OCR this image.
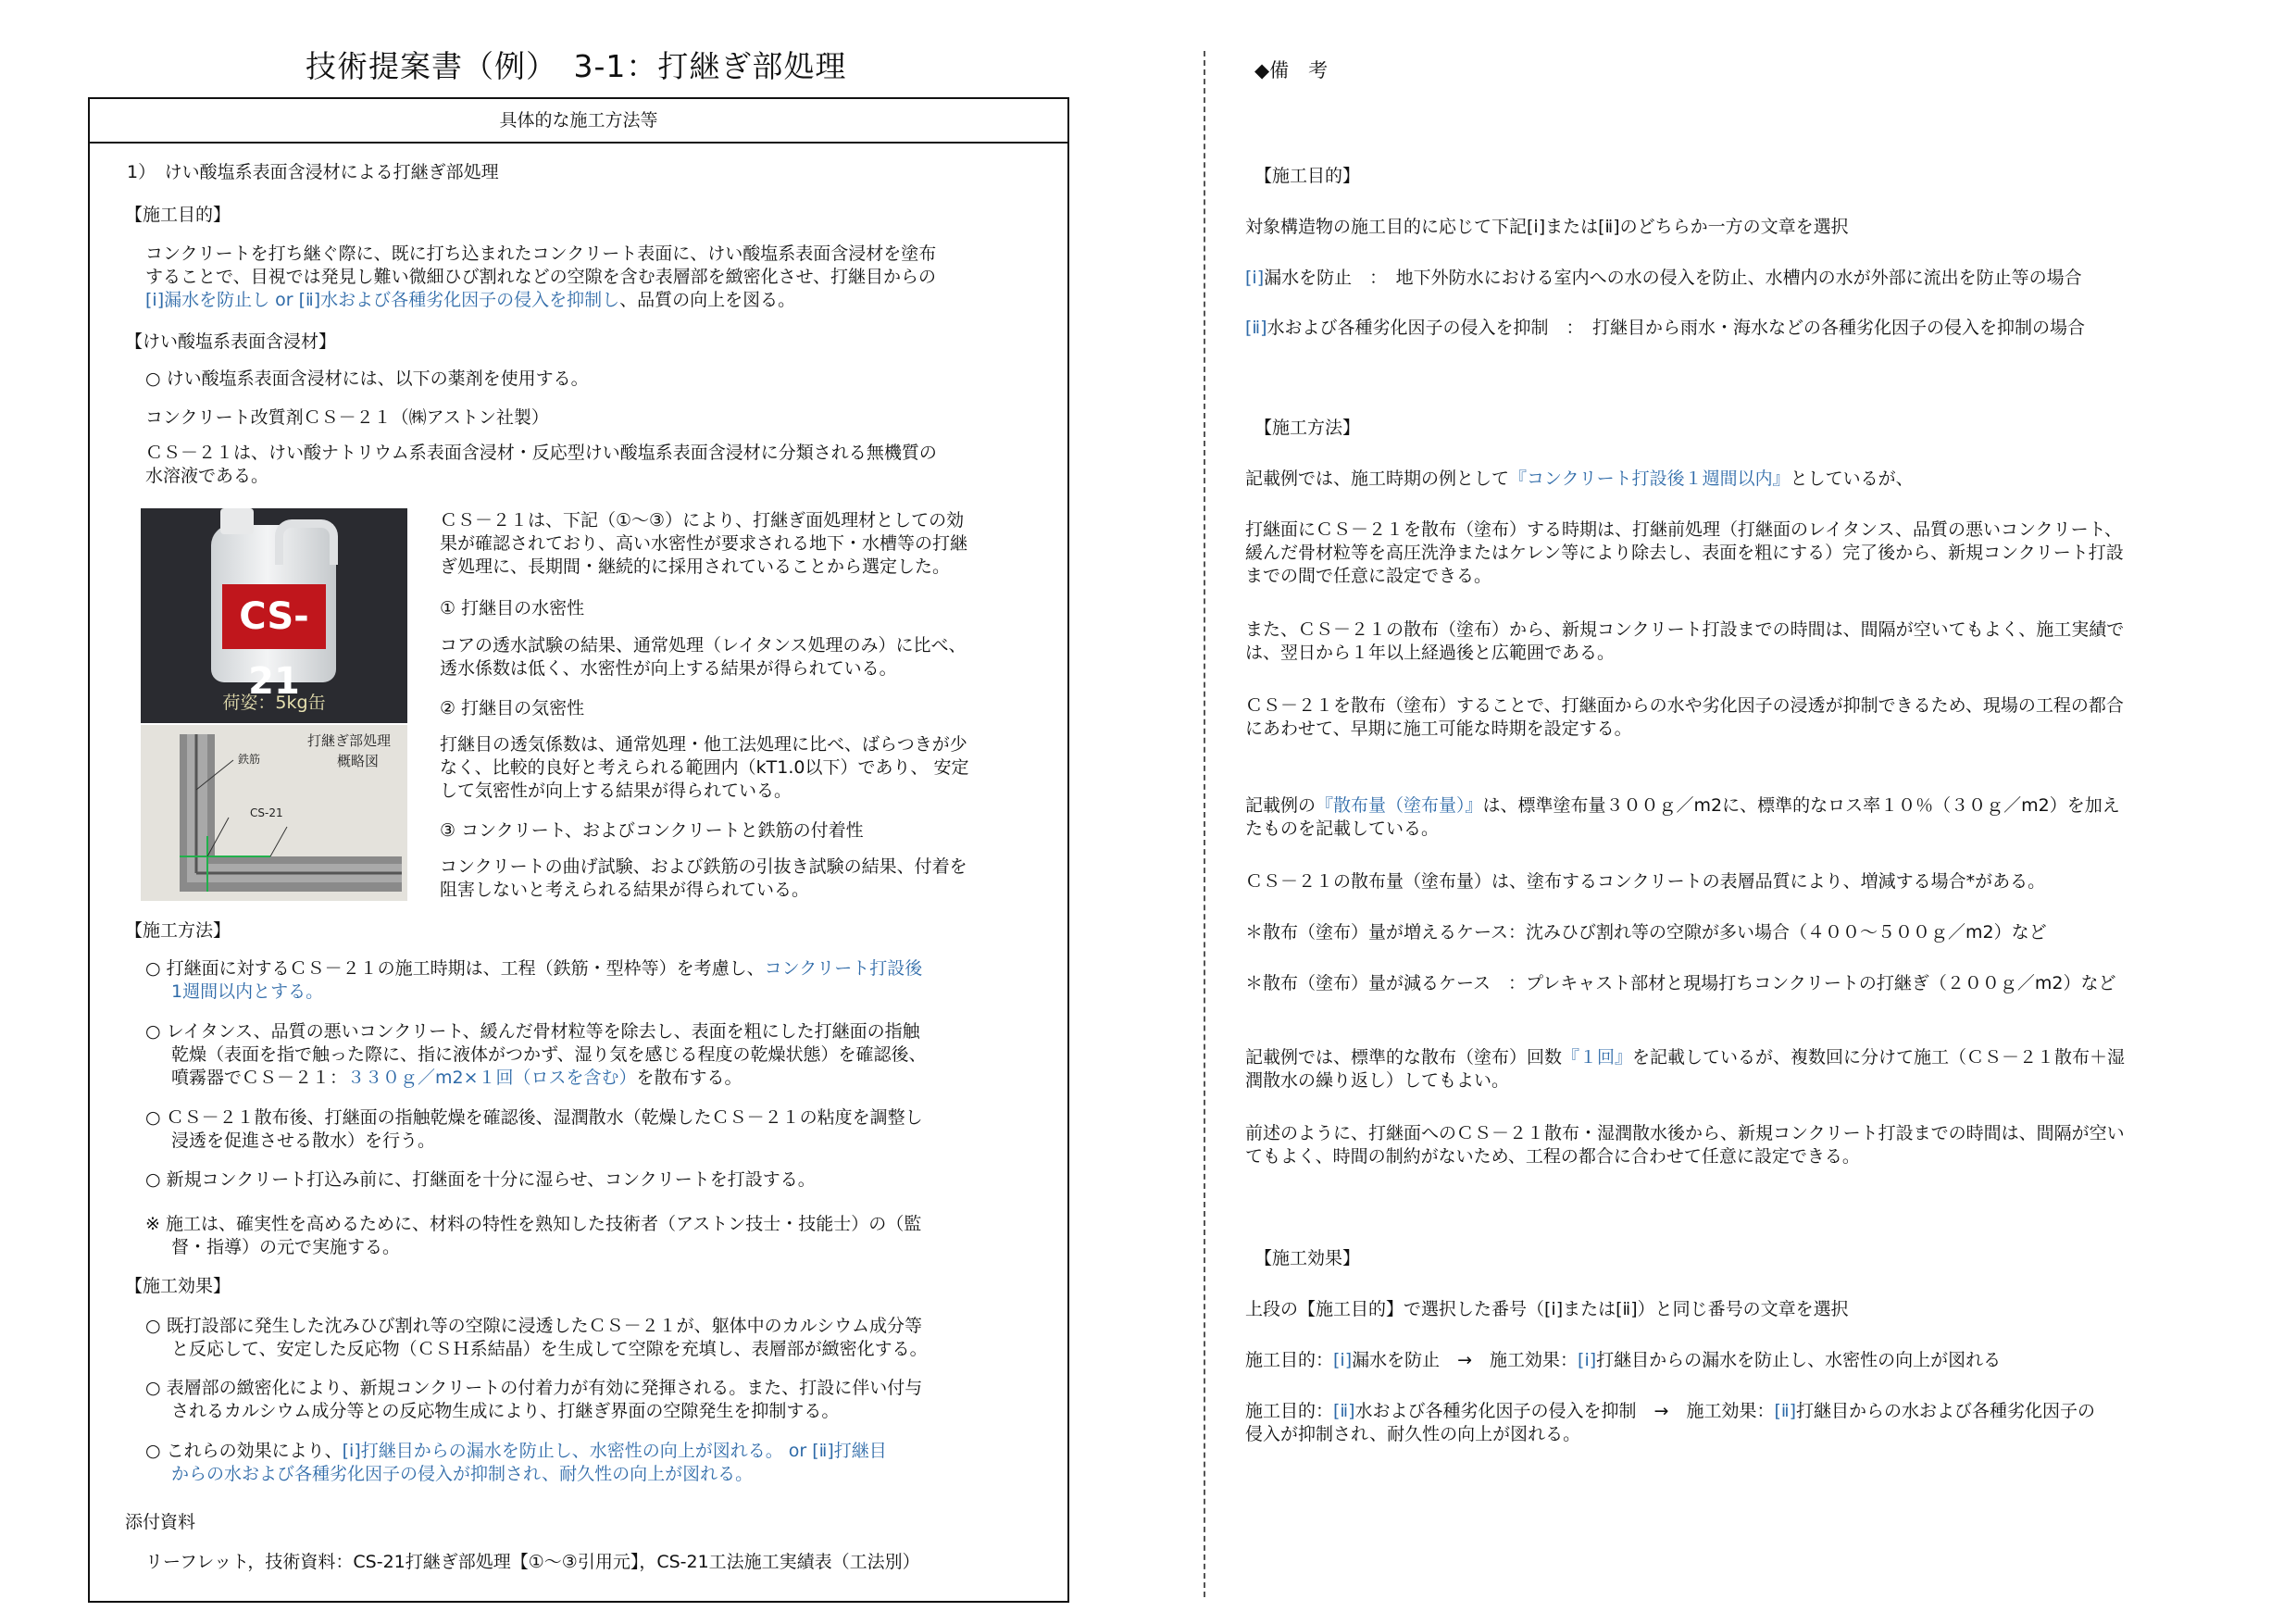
技術提案書（例）　3-1：打継ぎ部処理
具体的な施工方法等
1）　けい酸塩系表面含浸材による打継ぎ部処理
【施工目的】
コンクリートを打ち継ぐ際に、既に打ち込まれたコンクリート表面に、けい酸塩系表面含浸材を塗布
することで、目視では発見し難い微細ひび割れなどの空隙を含む表層部を緻密化させ、打継目からの
[ⅰ]漏水を防止し or [ⅱ]水および各種劣化因子の侵入を抑制し、品質の向上を図る。
【けい酸塩系表面含浸材】
○ けい酸塩系表面含浸材には、以下の薬剤を使用する。
コンクリート改質剤ＣＳ－２１（㈱アストン社製）
ＣＳ－２１は、けい酸ナトリウム系表面含浸材・反応型けい酸塩系表面含浸材に分類される無機質の
水溶液である。
CS-21
荷姿：5kg缶
打継ぎ部処理
概略図
鉄筋
CS-21
ＣＳ－２１は、下記（①～③）により、打継ぎ面処理材としての効
果が確認されており、高い水密性が要求される地下・水槽等の打継
ぎ処理に、長期間・継続的に採用されていることから選定した。
① 打継目の水密性
コアの透水試験の結果、通常処理（レイタンス処理のみ）に比べ、
透水係数は低く、水密性が向上する結果が得られている。
② 打継目の気密性
打継目の透気係数は、通常処理・他工法処理に比べ、ばらつきが少
なく、比較的良好と考えられる範囲内（kT1.0以下）であり、 安定
して気密性が向上する結果が得られている。
③ コンクリート、およびコンクリートと鉄筋の付着性
コンクリートの曲げ試験、および鉄筋の引抜き試験の結果、付着を
阻害しないと考えられる結果が得られている。
【施工方法】
○ 打継面に対するＣＳ－２１の施工時期は、工程（鉄筋・型枠等）を考慮し、コンクリート打設後
1週間以内とする。
○ レイタンス、品質の悪いコンクリート、緩んだ骨材粒等を除去し、表面を粗にした打継面の指触
乾燥（表面を指で触った際に、指に液体がつかず、湿り気を感じる程度の乾燥状態）を確認後、
噴霧器でＣＳ－２１：３３０ｇ／m2×１回（ロスを含む）を散布する。
○ ＣＳ－２１散布後、打継面の指触乾燥を確認後、湿潤散水（乾燥したＣＳ－２１の粘度を調整し
浸透を促進させる散水）を行う。
○ 新規コンクリート打込み前に、打継面を十分に湿らせ、コンクリートを打設する。
※ 施工は、確実性を高めるために、材料の特性を熟知した技術者（アストン技士・技能士）の（監
督・指導）の元で実施する。
【施工効果】
○ 既打設部に発生した沈みひび割れ等の空隙に浸透したＣＳ－２１が、躯体中のカルシウム成分等
と反応して、安定した反応物（ＣＳＨ系結晶）を生成して空隙を充填し、表層部が緻密化する。
○ 表層部の緻密化により、新規コンクリートの付着力が有効に発揮される。また、打設に伴い付与
されるカルシウム成分等との反応物生成により、打継ぎ界面の空隙発生を抑制する。
○ これらの効果により、[ⅰ]打継目からの漏水を防止し、水密性の向上が図れる。 or [ⅱ]打継目
からの水および各種劣化因子の侵入が抑制され、耐久性の向上が図れる。
添付資料
リーフレット，技術資料：CS-21打継ぎ部処理【①～③引用元】，CS-21工法施工実績表（工法別）
◆備　考
【施工目的】
対象構造物の施工目的に応じて下記[ⅰ]または[ⅱ]のどちらか一方の文章を選択
[ⅰ]漏水を防止　：　地下外防水における室内への水の侵入を防止、水槽内の水が外部に流出を防止等の場合
[ⅱ]水および各種劣化因子の侵入を抑制　：　打継目から雨水・海水などの各種劣化因子の侵入を抑制の場合
【施工方法】
記載例では、施工時期の例として『コンクリート打設後１週間以内』としているが、
打継面にＣＳ－２１を散布（塗布）する時期は、打継前処理（打継面のレイタンス、品質の悪いコンクリート、
緩んだ骨材粒等を高圧洗浄またはケレン等により除去し、表面を粗にする）完了後から、新規コンクリート打設
までの間で任意に設定できる。
また、ＣＳ－２１の散布（塗布）から、新規コンクリート打設までの時間は、間隔が空いてもよく、施工実績で
は、翌日から１年以上経過後と広範囲である。
ＣＳ－２１を散布（塗布）することで、打継面からの水や劣化因子の浸透が抑制できるため、現場の工程の都合
にあわせて、早期に施工可能な時期を設定する。
記載例の『散布量（塗布量）』は、標準塗布量３００ｇ／m2に、標準的なロス率１０％（３０ｇ／m2）を加え
たものを記載している。
ＣＳ－２１の散布量（塗布量）は、塗布するコンクリートの表層品質により、増減する場合*がある。
＊散布（塗布）量が増えるケース：沈みひび割れ等の空隙が多い場合（４００～５００ｇ／m2）など
＊散布（塗布）量が減るケース　：プレキャスト部材と現場打ちコンクリートの打継ぎ（２００ｇ／m2）など
記載例では、標準的な散布（塗布）回数『１回』を記載しているが、複数回に分けて施工（ＣＳ－２１散布＋湿
潤散水の繰り返し）してもよい。
前述のように、打継面へのＣＳ－２１散布・湿潤散水後から、新規コンクリート打設までの時間は、間隔が空い
てもよく、時間の制約がないため、工程の都合に合わせて任意に設定できる。
【施工効果】
上段の【施工目的】で選択した番号（[ⅰ]または[ⅱ]）と同じ番号の文章を選択
施工目的：[ⅰ]漏水を防止　→　施工効果：[ⅰ]打継目からの漏水を防止し、水密性の向上が図れる
施工目的：[ⅱ]水および各種劣化因子の侵入を抑制　→　施工効果：[ⅱ]打継目からの水および各種劣化因子の
侵入が抑制され、耐久性の向上が図れる。
